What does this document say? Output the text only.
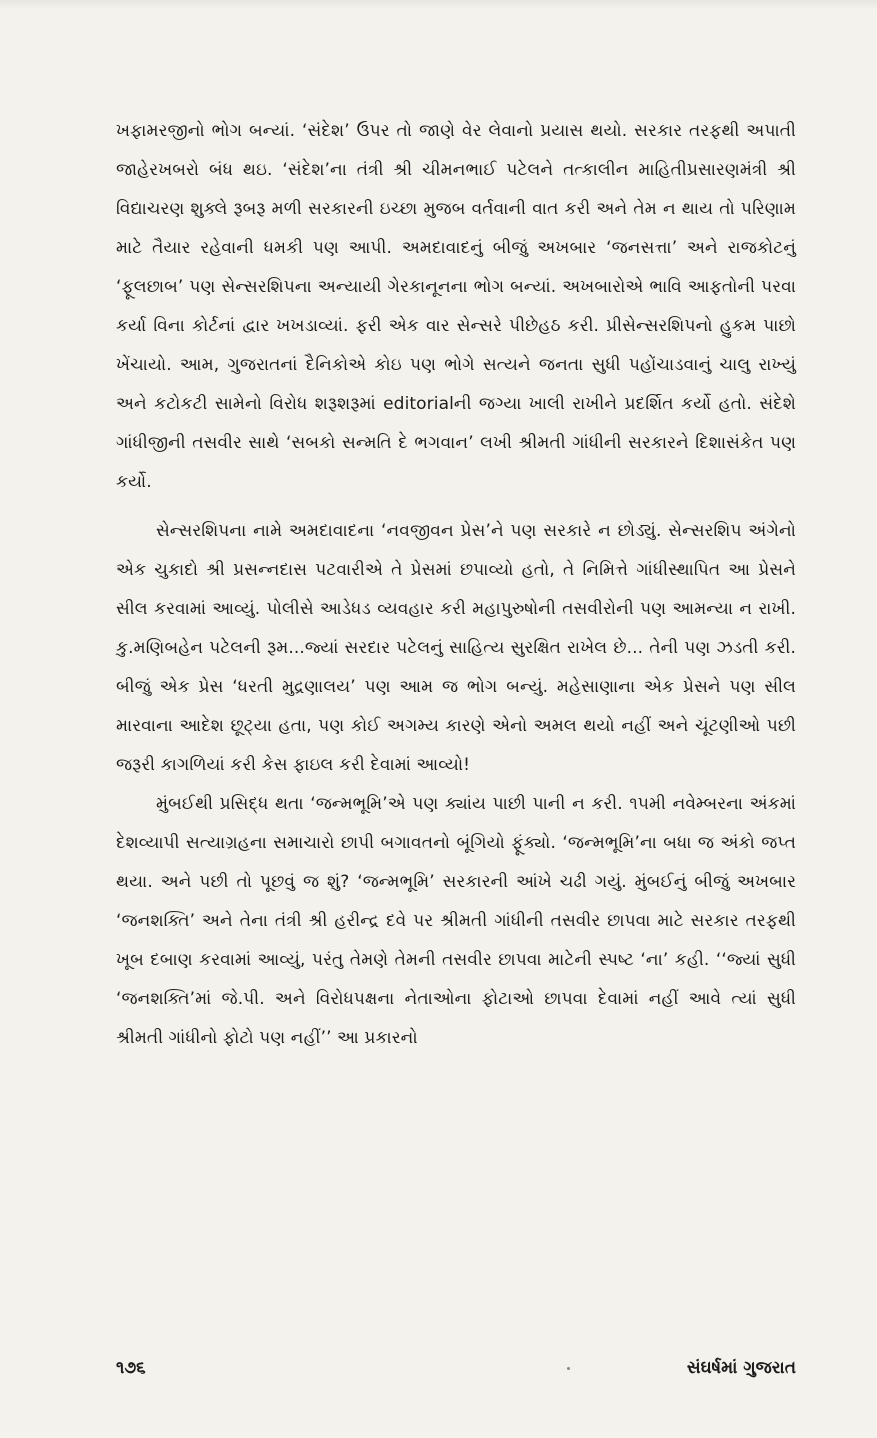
ખફામરજીનો ભોગ બન્યાં. ‘સંદેશ’ ઉપર તો જાણે વેર લેવાનો પ્રયાસ થયો. સરકાર તરફથી અપાતી જાહેરખબરો બંધ થઇ. ‘સંદેશ’ના તંત્રી શ્રી ચીમનભાઈ પટેલને તત્કાલીન માહિતીપ્રસારણમંત્રી શ્રી વિદ્યાચરણ શુક્લે રૂબરૂ મળી સરકારની ઇચ્છા મુજબ વર્તવાની વાત કરી અને તેમ ન થાય તો પરિણામ માટે તૈયાર રહેવાની ધમકી પણ આપી. અમદાવાદનું બીજું અખબાર ‘જનસત્તા’ અને રાજકોટનું ‘ફૂલછાબ’ પણ સેન્સરશિપના અન્યાયી ગેરકાનૂનના ભોગ બન્યાં. અખબારોએ ભાવિ આફતોની પરવા કર્યા વિના કોર્ટનાં દ્વાર ખખડાવ્યાં. ફરી એક વાર સેન્સરે પીછેહઠ કરી. પ્રીસેન્સરશિપનો હુકમ પાછો ખેંચાયો. આમ, ગુજરાતનાં દૈનિકોએ કોઇ પણ ભોગે સત્યને જનતા સુધી પહોંચાડવાનું ચાલુ રાખ્યું અને કટોકટી સામેનો વિરોધ શરૂશરૂમાં editorialની જગ્યા ખાલી રાખીને પ્રદર્શિત કર્યો હતો. સંદેશે ગાંધીજીની તસવીર સાથે ‘સબકો સન્મતિ દે ભગવાન’ લખી શ્રીમતી ગાંધીની સરકારને દિશાસંકેત પણ કર્યો.

સેન્સરશિપના નામે અમદાવાદના ‘નવજીવન પ્રેસ’ને પણ સરકારે ન છોડ્યું. સેન્સરશિપ અંગેનો એક ચુકાદો શ્રી પ્રસન્નદાસ પટવારીએ તે પ્રેસમાં છપાવ્યો હતો, તે નિમિત્તે ગાંધીસ્થાપિત આ પ્રેસને સીલ કરવામાં આવ્યું. પોલીસે આડેધડ વ્યવહાર કરી મહાપુરુષોની તસવીરોની પણ આમન્યા ન રાખી. કુ.મણિબહેન પટેલની રૂમ...જ્યાં સરદાર પટેલનું સાહિત્ય સુરક્ષિત રાખેલ છે... તેની પણ ઝડતી કરી. બીજું એક પ્રેસ ‘ધરતી મુદ્રણાલય’ પણ આમ જ ભોગ બન્યું. મહેસાણાના એક પ્રેસને પણ સીલ મારવાના આદેશ છૂટ્યા હતા, પણ કોઈ અગમ્ય કારણે એનો અમલ થયો નહીં અને ચૂંટણીઓ પછી જરૂરી કાગળિયાં કરી કેસ ફાઇલ કરી દેવામાં આવ્યો!

મુંબઈથી પ્રસિદ્ધ થતા ‘જન્મભૂમિ’એ પણ ક્યાંય પાછી પાની ન કરી. ૧૫મી નવેમ્બરના અંકમાં દેશવ્યાપી સત્યાગ્રહના સમાચારો છાપી બગાવતનો બૂંગિયો ફૂંક્યો. ‘જન્મભૂમિ’ના બધા જ અંકો જપ્ત થયા. અને પછી તો પૂછવું જ શું? ‘જન્મભૂમિ’ સરકારની આંખે ચઢી ગયું. મુંબઈનું બીજું અખબાર ‘જનશક્તિ’ અને તેના તંત્રી શ્રી હરીન્દ્ર દવે પર શ્રીમતી ગાંધીની તસવીર છાપવા માટે સરકાર તરફથી ખૂબ દબાણ કરવામાં આવ્યું, પરંતુ તેમણે તેમની તસવીર છાપવા માટેની સ્પષ્ટ ‘ના’ કહી. ‘‘જ્યાં સુધી ‘જનશક્તિ’માં જે.પી. અને વિરોધપક્ષના નેતાઓના ફોટાઓ છાપવા દેવામાં નહીં આવે ત્યાં સુધી શ્રીમતી ગાંધીનો ફોટો પણ નહીં’’ આ પ્રકારનો

૧૭૬	સંઘર્ષમાં ગુજરાત
